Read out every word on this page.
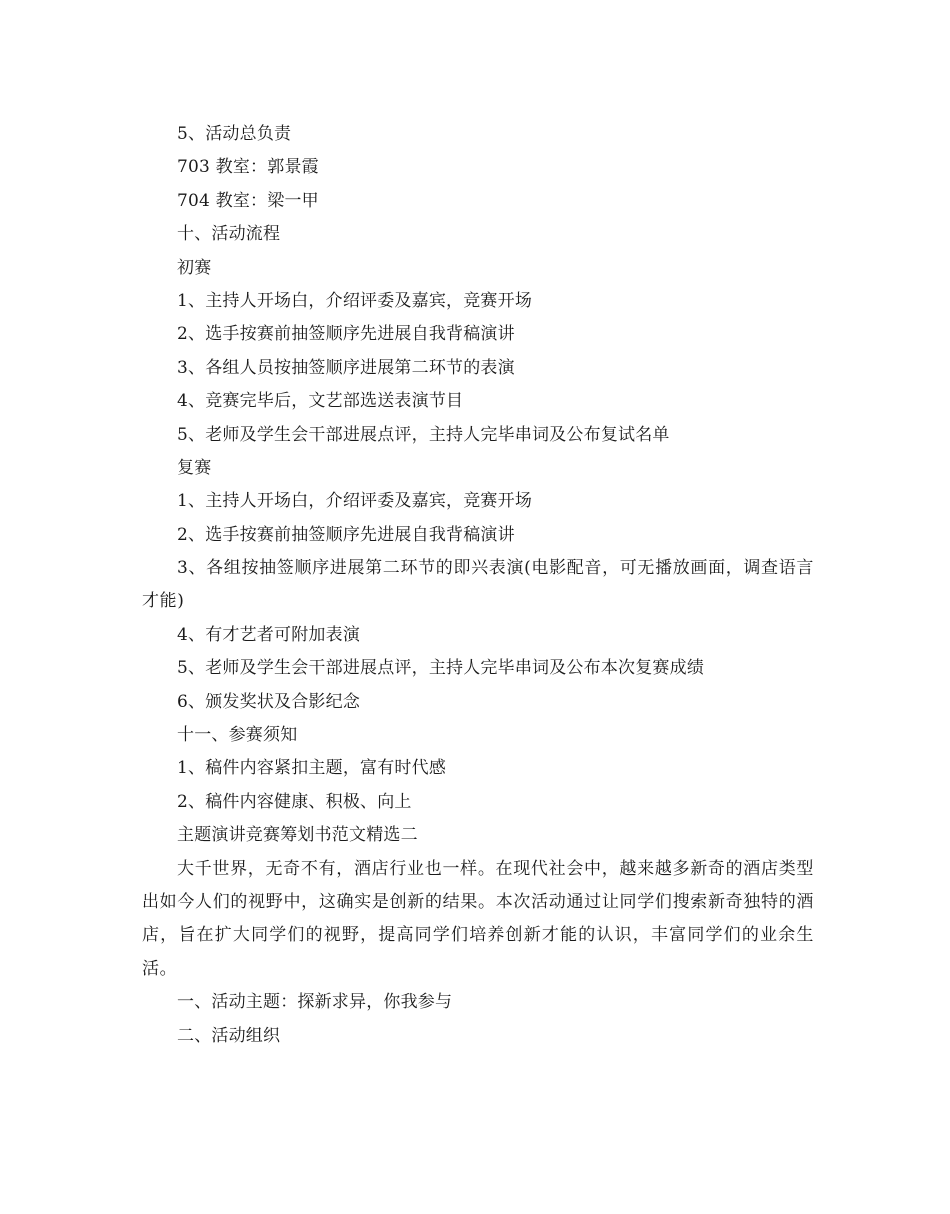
5、活动总负责
703 教室：郭景霞
704 教室：梁一甲
十、活动流程
初赛
1、主持人开场白，介绍评委及嘉宾，竞赛开场
2、选手按赛前抽签顺序先进展自我背稿演讲
3、各组人员按抽签顺序进展第二环节的表演
4、竞赛完毕后，文艺部选送表演节目
5、老师及学生会干部进展点评，主持人完毕串词及公布复试名单
复赛
1、主持人开场白，介绍评委及嘉宾，竞赛开场
2、选手按赛前抽签顺序先进展自我背稿演讲

3、各组按抽签顺序进展第二环节的即兴表演(电影配音，可无播放画面，调查语言才能)

4、有才艺者可附加表演
5、老师及学生会干部进展点评，主持人完毕串词及公布本次复赛成绩
6、颁发奖状及合影纪念
十一、参赛须知
1、稿件内容紧扣主题，富有时代感
2、稿件内容健康、积极、向上
主题演讲竞赛筹划书范文精选二

大千世界，无奇不有，酒店行业也一样。在现代社会中，越来越多新奇的酒店类型出如今人们的视野中，这确实是创新的结果。本次活动通过让同学们搜索新奇独特的酒店，旨在扩大同学们的视野，提高同学们培养创新才能的认识，丰富同学们的业余生活。

一、活动主题：探新求异，你我参与
二、活动组织
